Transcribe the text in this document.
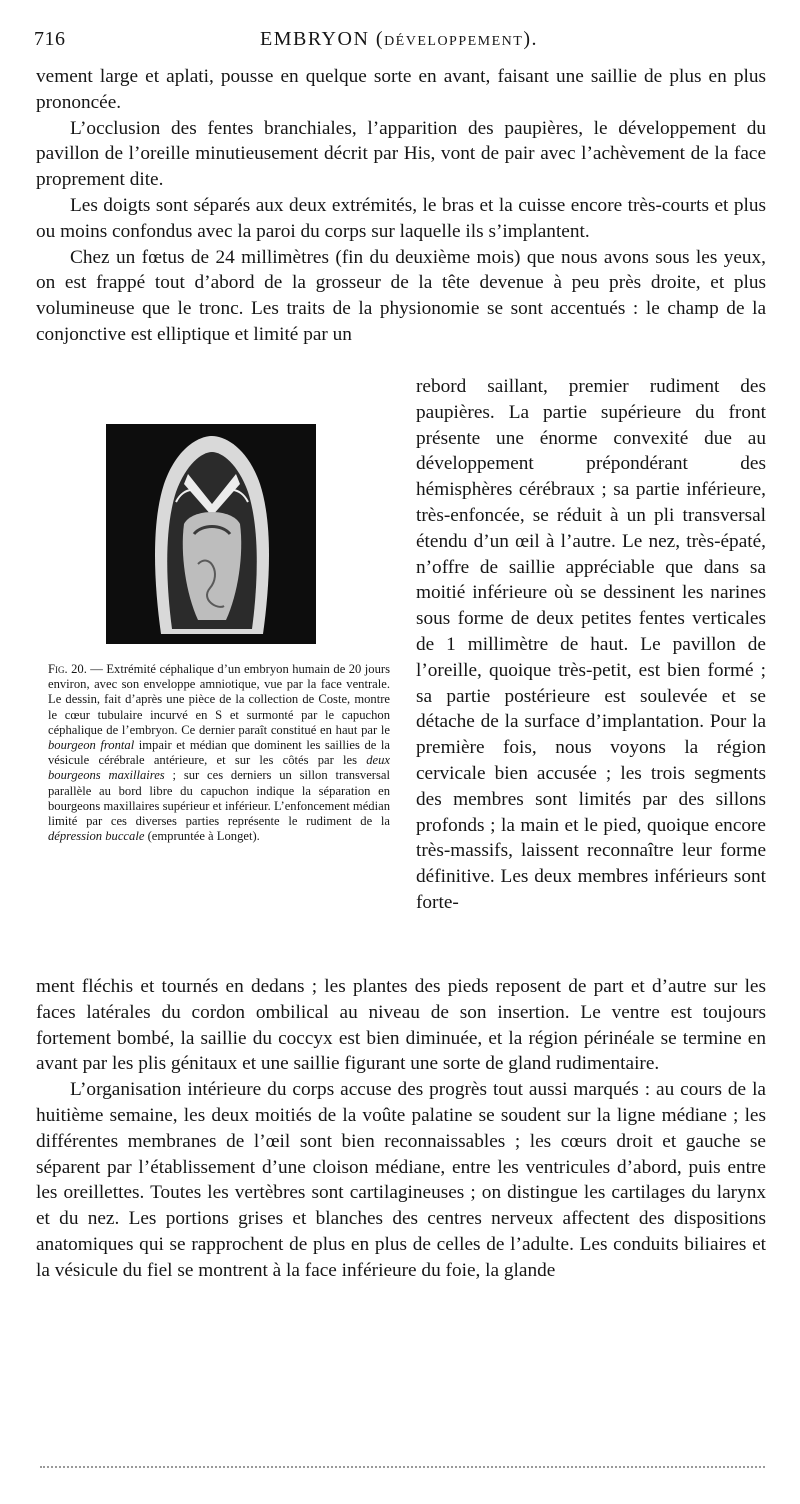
716	EMBRYON (DÉVELOPPEMENT).

vement large et aplati, pousse en quelque sorte en avant, faisant une saillie de plus en plus prononcée.

L’occlusion des fentes branchiales, l’apparition des paupières, le développement du pavillon de l’oreille minutieusement décrit par His, vont de pair avec l’achèvement de la face proprement dite.

Les doigts sont séparés aux deux extrémités, le bras et la cuisse encore très-courts et plus ou moins confondus avec la paroi du corps sur laquelle ils s’implantent.

Chez un fœtus de 24 millimètres (fin du deuxième mois) que nous avons sous les yeux, on est frappé tout d’abord de la grosseur de la tête devenue à peu près droite, et plus volumineuse que le tronc. Les traits de la physionomie se sont accentués : le champ de la conjonctive est elliptique et limité par un

Fig. 20. — Extrémité céphalique d’un embryon humain de 20 jours environ, avec son enveloppe amniotique, vue par la face ventrale. Le dessin, fait d’après une pièce de la collection de Coste, montre le cœur tubulaire incurvé en S et surmonté par le capuchon céphalique de l’embryon. Ce dernier paraît constitué en haut par le bourgeon frontal impair et médian que dominent les saillies de la vésicule cérébrale antérieure, et sur les côtés par les deux bourgeons maxillaires ; sur ces derniers un sillon transversal parallèle au bord libre du capuchon indique la séparation en bourgeons maxillaires supérieur et inférieur. L’enfoncement médian limité par ces diverses parties représente le rudiment de la dépression buccale (empruntée à Longet).

rebord saillant, premier rudiment des paupières. La partie supérieure du front présente une énorme convexité due au développement prépondérant des hémisphères cérébraux ; sa partie inférieure, très-enfoncée, se réduit à un pli transversal étendu d’un œil à l’autre. Le nez, très-épaté, n’offre de saillie appréciable que dans sa moitié inférieure où se dessinent les narines sous forme de deux petites fentes verticales de 1 millimètre de haut. Le pavillon de l’oreille, quoique très-petit, est bien formé ; sa partie postérieure est soulevée et se détache de la surface d’implantation. Pour la première fois, nous voyons la région cervicale bien accusée ; les trois segments des membres sont limités par des sillons profonds ; la main et le pied, quoique encore très-massifs, laissent reconnaître leur forme définitive. Les deux membres inférieurs sont forte-

ment fléchis et tournés en dedans ; les plantes des pieds reposent de part et d’autre sur les faces latérales du cordon ombilical au niveau de son insertion. Le ventre est toujours fortement bombé, la saillie du coccyx est bien diminuée, et la région périnéale se termine en avant par les plis génitaux et une saillie figurant une sorte de gland rudimentaire.

L’organisation intérieure du corps accuse des progrès tout aussi marqués : au cours de la huitième semaine, les deux moitiés de la voûte palatine se soudent sur la ligne médiane ; les différentes membranes de l’œil sont bien reconnaissables ; les cœurs droit et gauche se séparent par l’établissement d’une cloison médiane, entre les ventricules d’abord, puis entre les oreillettes. Toutes les vertèbres sont cartilagineuses ; on distingue les cartilages du larynx et du nez. Les portions grises et blanches des centres nerveux affectent des dispositions anatomiques qui se rapprochent de plus en plus de celles de l’adulte. Les conduits biliaires et la vésicule du fiel se montrent à la face inférieure du foie, la glande
